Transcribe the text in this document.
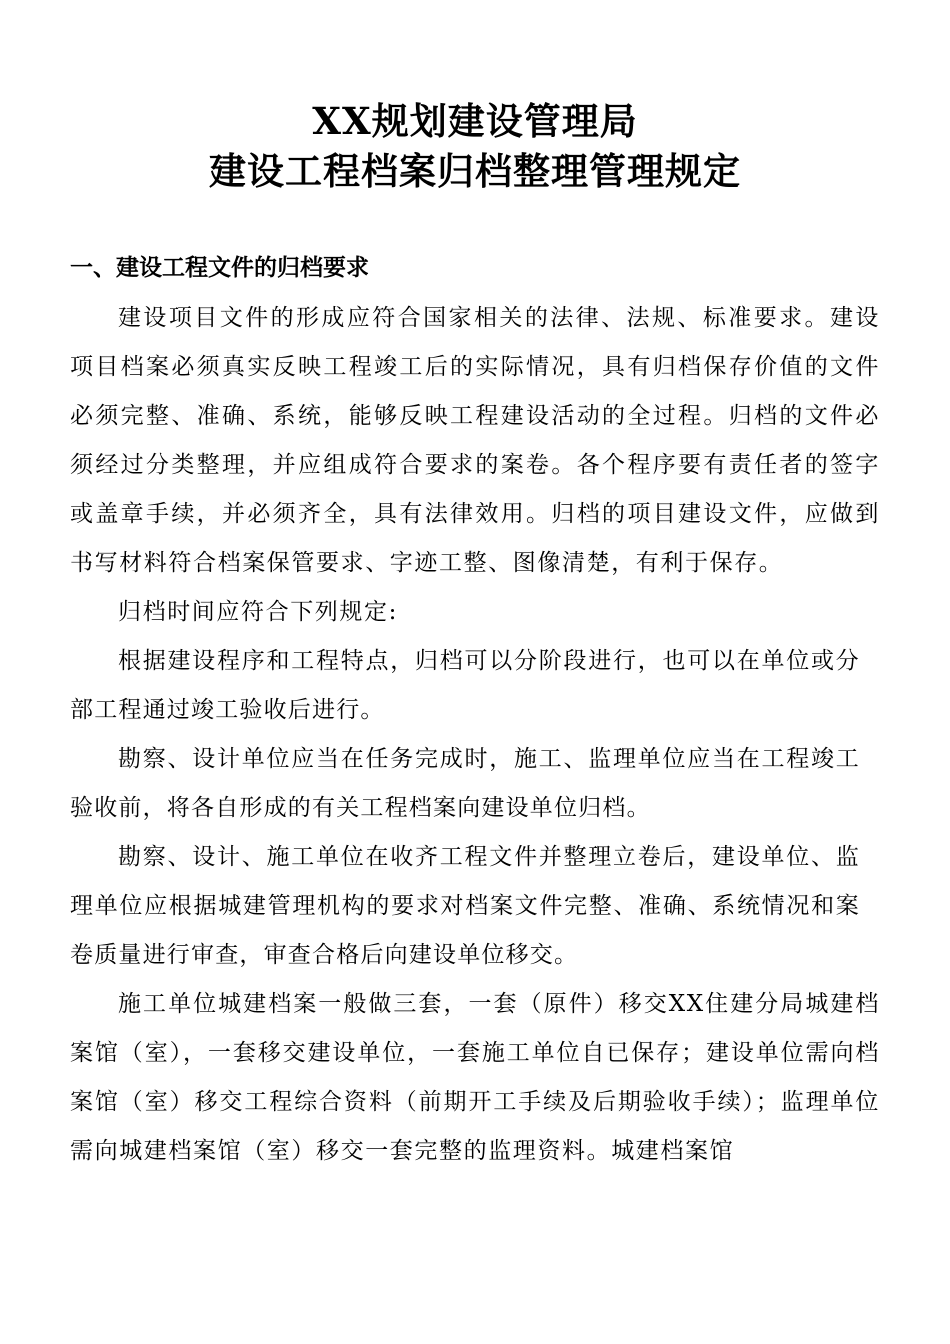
XX规划建设管理局
建设工程档案归档整理管理规定
一、建设工程文件的归档要求

建设项目文件的形成应符合国家相关的法律、法规、标准要求。建设项目档案必须真实反映工程竣工后的实际情况，具有归档保存价值的文件必须完整、准确、系统，能够反映工程建设活动的全过程。归档的文件必须经过分类整理，并应组成符合要求的案卷。各个程序要有责任者的签字或盖章手续，并必须齐全，具有法律效用。归档的项目建设文件，应做到书写材料符合档案保管要求、字迹工整、图像清楚，有利于保存。

归档时间应符合下列规定:

根据建设程序和工程特点，归档可以分阶段进行，也可以在单位或分部工程通过竣工验收后进行。

勘察、设计单位应当在任务完成时，施工、监理单位应当在工程竣工验收前，将各自形成的有关工程档案向建设单位归档。

勘察、设计、施工单位在收齐工程文件并整理立卷后，建设单位、监理单位应根据城建管理机构的要求对档案文件完整、准确、系统情况和案卷质量进行审查，审查合格后向建设单位移交。

施工单位城建档案一般做三套，一套（原件）移交XX住建分局城建档案馆（室），一套移交建设单位，一套施工单位自已保存；建设单位需向档案馆（室）移交工程综合资料（前期开工手续及后期验收手续）；监理单位需向城建档案馆（室）移交一套完整的监理资料。城建档案馆
